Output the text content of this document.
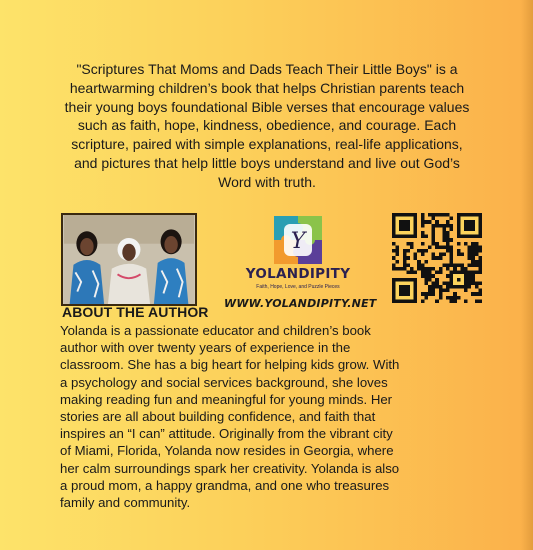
"Scriptures That Moms and Dads Teach Their Little Boys" is a heartwarming children’s book that helps Christian parents teach their young boys foundational Bible verses that encourage values such as faith, hope, kindness, obedience, and courage. Each scripture, paired with simple explanations, real-life applications, and pictures that help little boys understand and live out God’s Word with truth.

ABOUT THE AUTHOR

Yolanda is a passionate educator and children’s book author with over twenty years of experience in the classroom. She has a big heart for helping kids grow. With a psychology and social services background, she loves making reading fun and meaningful for young minds. Her stories are all about building confidence, and faith that inspires an “I can” attitude. Originally from the vibrant city of Miami, Florida, Yolanda now resides in Georgia, where her calm surroundings spark her creativity. Yolanda is also a proud mom, a happy grandma, and one who treasures family and community.

Y
YOLANDIPITY
Faith, Hope, Love, and Puzzle Pieces
WWW.YOLANDIPITY.NET
